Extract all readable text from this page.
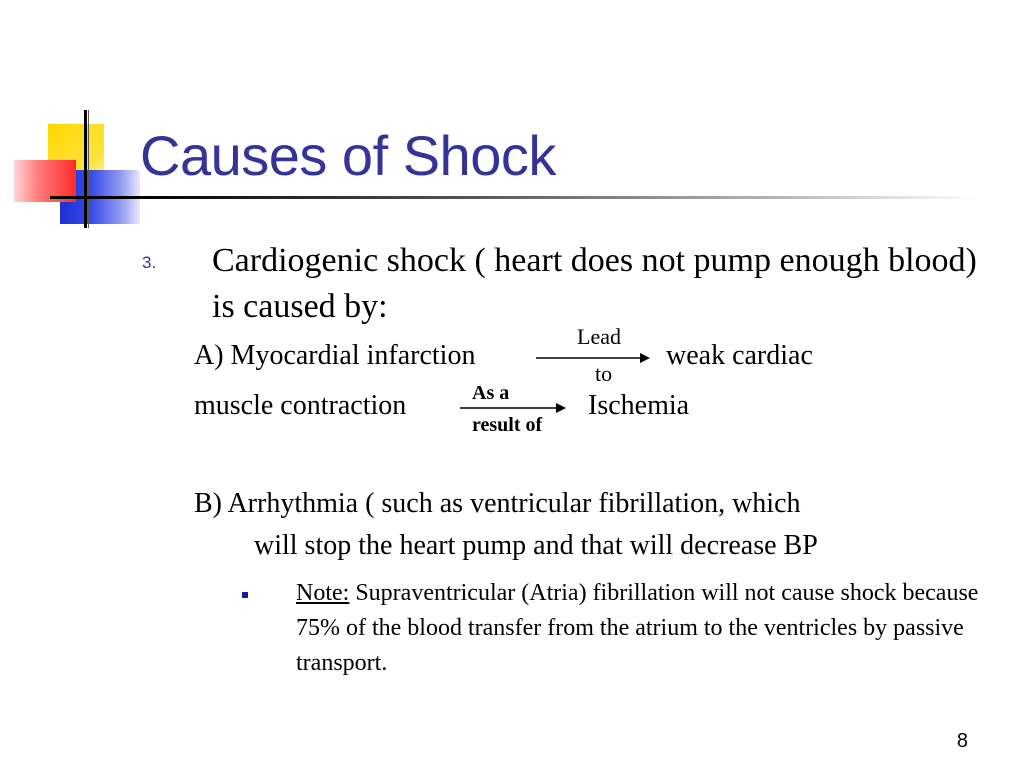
Causes of Shock
3. Cardiogenic shock ( heart does not pump enough blood) is caused by:
A) Myocardial infarction
Lead
to
weak cardiac
muscle contraction	As a
result of
Ischemia
B) Arrhythmia ( such as ventricular fibrillation, which
will stop the heart pump and that will decrease BP
Note: Supraventricular (Atria) fibrillation will not cause shock because 75% of the blood transfer from the atrium to the ventricles by passive transport.
8
